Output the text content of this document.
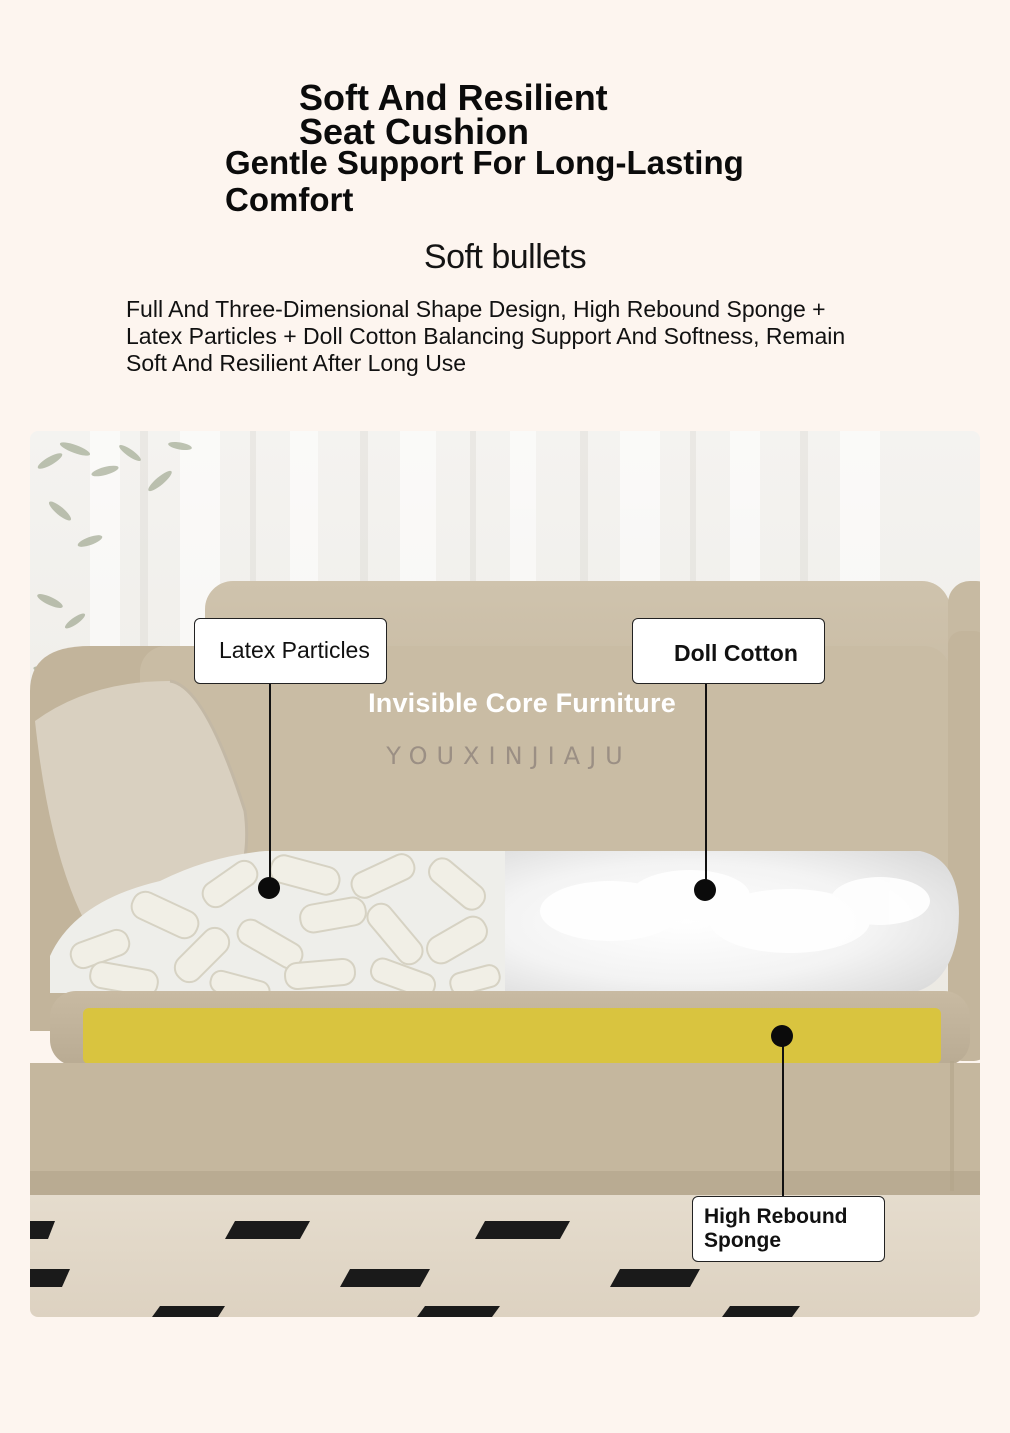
Soft And Resilient
Seat Cushion
Gentle Support For Long-Lasting
Comfort
Soft bullets
Full And Three-Dimensional Shape Design, High Rebound Sponge + Latex Particles + Doll Cotton Balancing Support And Softness, Remain Soft And Resilient After Long Use
Invisible Core Furniture
YOUXINJIAJU
Latex Particles	Doll Cotton
High Rebound Sponge
